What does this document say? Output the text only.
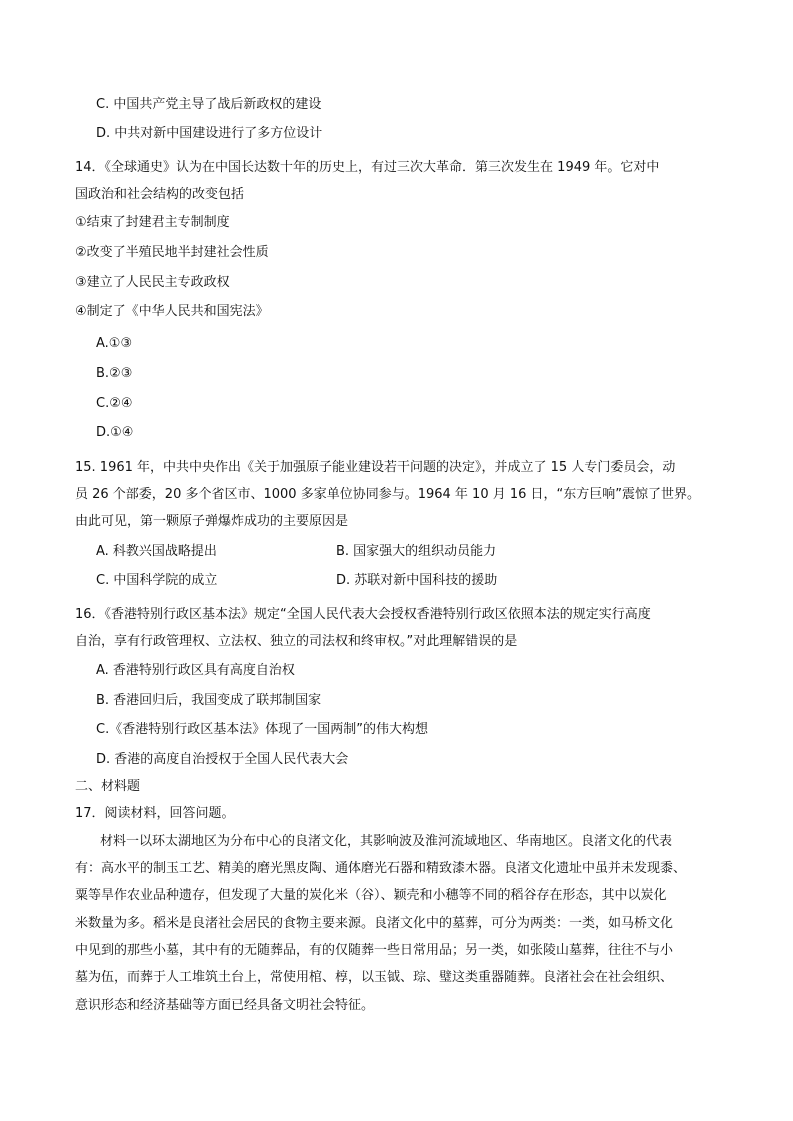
C. 中国共产党主导了战后新政权的建设
D. 中共对新中国建设进行了多方位设计
14．《全球通史》认为在中国长达数十年的历史上，有过三次大革命．第三次发生在 1949 年。它对中
国政治和社会结构的改变包括
①结束了封建君主专制制度
②改变了半殖民地半封建社会性质
③建立了人民民主专政政权
④制定了《中华人民共和国宪法》
A.①③
B.②③
C.②④
D.①④
15. 1961 年，中共中央作出《关于加强原子能业建设若干问题的决定》，并成立了 15 人专门委员会，动
员 26 个部委，20 多个省区市、1000 多家单位协同参与。1964 年 10 月 16 日，“东方巨响”震惊了世界。
由此可见，第一颗原子弹爆炸成功的主要原因是
A. 科教兴国战略提出	B. 国家强大的组织动员能力
C. 中国科学院的成立	D. 苏联对新中国科技的援助
16．《香港特别行政区基本法》规定“全国人民代表大会授权香港特别行政区依照本法的规定实行高度
自治，享有行政管理权、立法权、独立的司法权和终审权。”对此理解错误的是
A. 香港特别行政区具有高度自治权
B. 香港回归后，我国变成了联邦制国家
C.《香港特别行政区基本法》体现了一国两制”的伟大构想
D. 香港的高度自治授权于全国人民代表大会
二、材料题
17．阅读材料，回答问题。
材料一以环太湖地区为分布中心的良渚文化，其影响波及淮河流域地区、华南地区。良渚文化的代表
有：高水平的制玉工艺、精美的磨光黑皮陶、通体磨光石器和精致漆木器。良渚文化遗址中虽并未发现黍、
粟等旱作农业品种遗存，但发现了大量的炭化米（谷）、颖壳和小穗等不同的稻谷存在形态，其中以炭化
米数量为多。稻米是良渚社会居民的食物主要来源。良渚文化中的墓葬，可分为两类：一类，如马桥文化
中见到的那些小墓，其中有的无随葬品，有的仅随葬一些日常用品；另一类，如张陵山墓葬，往往不与小
墓为伍，而葬于人工堆筑土台上，常使用棺、椁，以玉钺、琮、璧这类重器随葬。良渚社会在社会组织、
意识形态和经济基础等方面已经具备文明社会特征。
